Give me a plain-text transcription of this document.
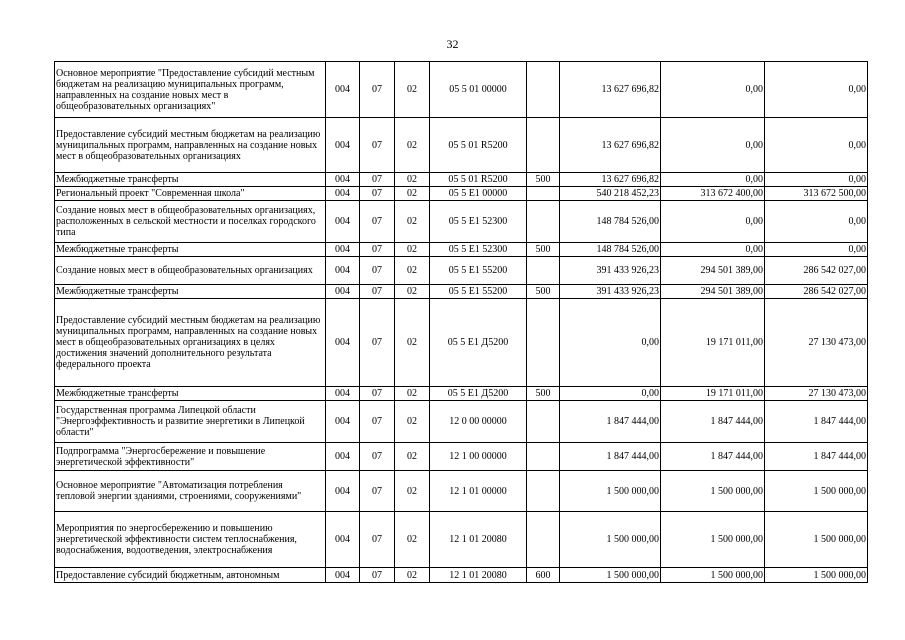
32
Основное мероприятие "Предоставление субсидий местным бюджетам на реализацию муниципальных программ, направленных на создание новых мест в общеобразовательных организациях"	004	07	02	05 5 01 00000		13 627 696,82	0,00	0,00
Предоставление субсидий местным бюджетам на реализацию муниципальных программ, направленных на создание новых мест в общеобразовательных организациях	004	07	02	05 5 01 R5200		13 627 696,82	0,00	0,00
Межбюджетные трансферты	004	07	02	05 5 01 R5200	500	13 627 696,82	0,00	0,00
Региональный проект "Современная школа"	004	07	02	05 5 Е1 00000		540 218 452,23	313 672 400,00	313 672 500,00
Создание новых мест в общеобразовательных организациях, расположенных в сельской местности и поселках городского типа	004	07	02	05 5 Е1 52300		148 784 526,00	0,00	0,00
Межбюджетные трансферты	004	07	02	05 5 Е1 52300	500	148 784 526,00	0,00	0,00
Создание новых мест в общеобразовательных организациях	004	07	02	05 5 Е1 55200		391 433 926,23	294 501 389,00	286 542 027,00
Межбюджетные трансферты	004	07	02	05 5 Е1 55200	500	391 433 926,23	294 501 389,00	286 542 027,00
Предоставление субсидий местным бюджетам на реализацию муниципальных программ, направленных на создание новых мест в общеобразовательных организациях в целях достижения значений дополнительного результата федерального проекта	004	07	02	05 5 Е1 Д5200		0,00	19 171 011,00	27 130 473,00
Межбюджетные трансферты	004	07	02	05 5 Е1 Д5200	500	0,00	19 171 011,00	27 130 473,00
Государственная программа Липецкой области "Энергоэффективность и развитие энергетики в Липецкой области"	004	07	02	12 0 00 00000		1 847 444,00	1 847 444,00	1 847 444,00
Подпрограмма "Энергосбережение и повышение энергетической эффективности"	004	07	02	12 1 00 00000		1 847 444,00	1 847 444,00	1 847 444,00
Основное мероприятие "Автоматизация потребления тепловой энергии зданиями, строениями, сооружениями"	004	07	02	12 1 01 00000		1 500 000,00	1 500 000,00	1 500 000,00
Мероприятия по энергосбережению и повышению энергетической эффективности систем теплоснабжения, водоснабжения, водоотведения, электроснабжения	004	07	02	12 1 01 20080		1 500 000,00	1 500 000,00	1 500 000,00
Предоставление субсидий бюджетным, автономным	004	07	02	12 1 01 20080	600	1 500 000,00	1 500 000,00	1 500 000,00
